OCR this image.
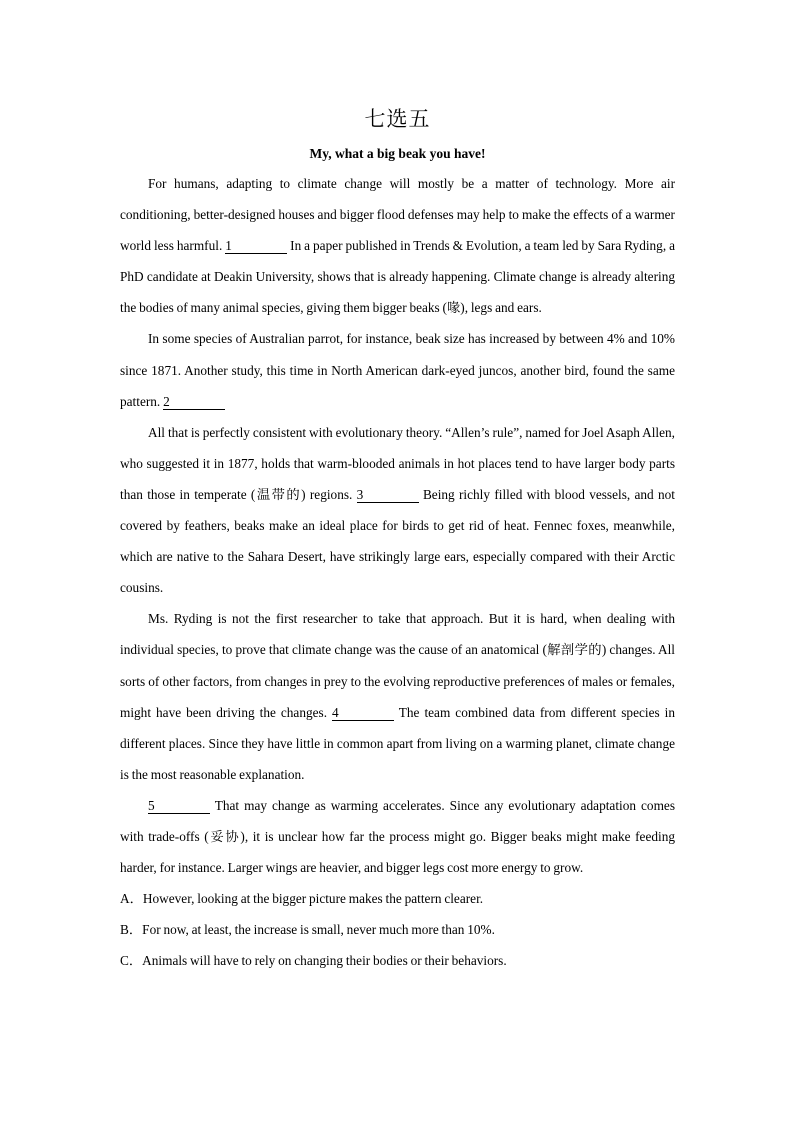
七选五
My, what a big beak you have!

For humans, adapting to climate change will mostly be a matter of technology. More air conditioning, better-designed houses and bigger flood defenses may help to make the effects of a warmer world less harmful. 1	In a paper published in Trends & Evolution, a team led by Sara Ryding, a PhD candidate at Deakin University, shows that is already happening. Climate change is already altering the bodies of many animal species, giving them bigger beaks (喙), legs and ears.

In some species of Australian parrot, for instance, beak size has increased by between 4% and 10% since 1871. Another study, this time in North American dark-eyed juncos, another bird, found the same pattern. 2

All that is perfectly consistent with evolutionary theory. “Allen’s rule”, named for Joel Asaph Allen, who suggested it in 1877, holds that warm-blooded animals in hot places tend to have larger body parts than those in temperate (温带的) regions. 3	Being richly filled with blood vessels, and not covered by feathers, beaks make an ideal place for birds to get rid of heat. Fennec foxes, meanwhile, which are native to the Sahara Desert, have strikingly large ears, especially compared with their Arctic cousins.

Ms. Ryding is not the first researcher to take that approach. But it is hard, when dealing with individual species, to prove that climate change was the cause of an anatomical (解剖学的) changes. All sorts of other factors, from changes in prey to the evolving reproductive preferences of males or females, might have been driving the changes. 4	The team combined data from different species in different places. Since they have little in common apart from living on a warming planet, climate change is the most reasonable explanation.

5	That may change as warming accelerates. Since any evolutionary adaptation comes with trade-offs (妥协), it is unclear how far the process might go. Bigger beaks might make feeding harder, for instance. Larger wings are heavier, and bigger legs cost more energy to grow.

A．However, looking at the bigger picture makes the pattern clearer.
B．For now, at least, the increase is small, never much more than 10%.
C．Animals will have to rely on changing their bodies or their behaviors.
